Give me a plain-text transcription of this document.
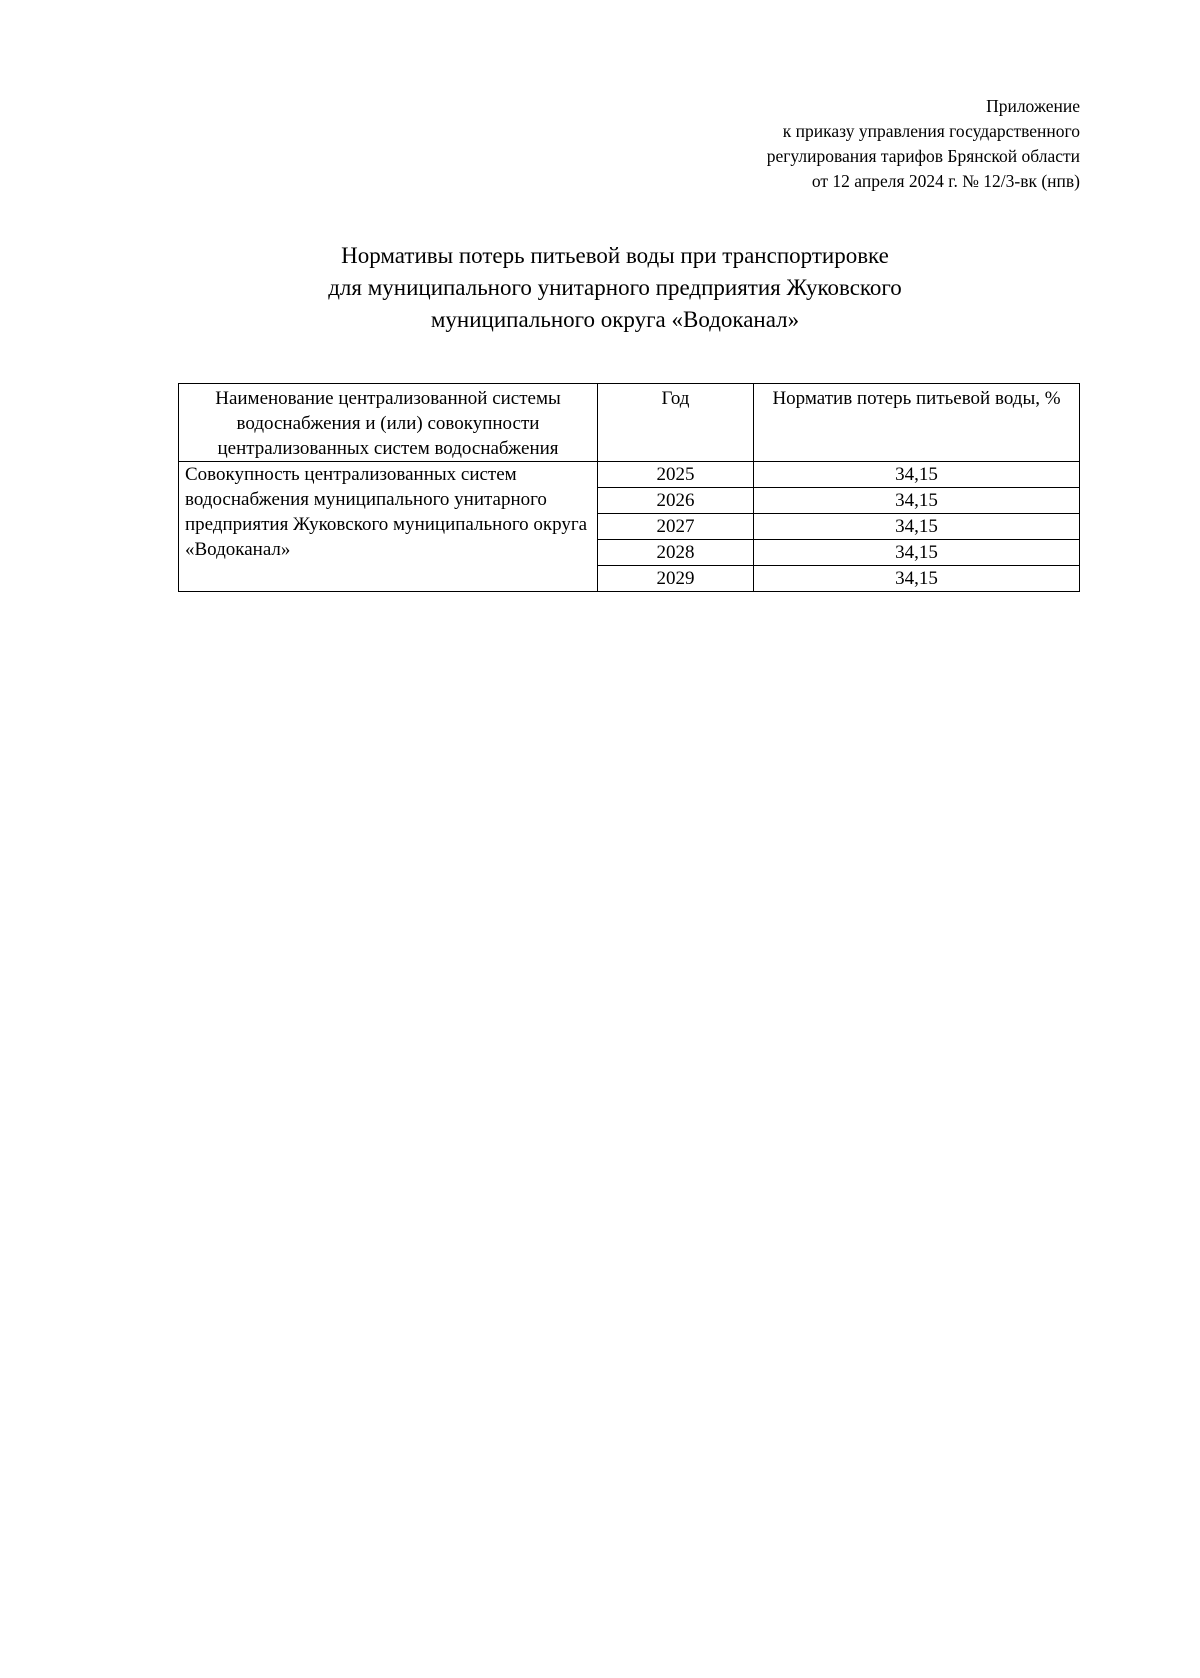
Приложение
к приказу управления государственного
регулирования тарифов Брянской области
от 12 апреля 2024 г. № 12/3-вк (нпв)
Нормативы потерь питьевой воды при транспортировке
для муниципального унитарного предприятия Жуковского
муниципального округа «Водоканал»
Наименование централизованной системы водоснабжения и (или) совокупности централизованных систем водоснабжения	Год	Норматив потерь питьевой воды, %
Совокупность централизованных систем водоснабжения муниципального унитарного предприятия Жуковского муниципального округа «Водоканал»	2025	34,15
	2026	34,15
	2027	34,15
	2028	34,15
	2029	34,15
